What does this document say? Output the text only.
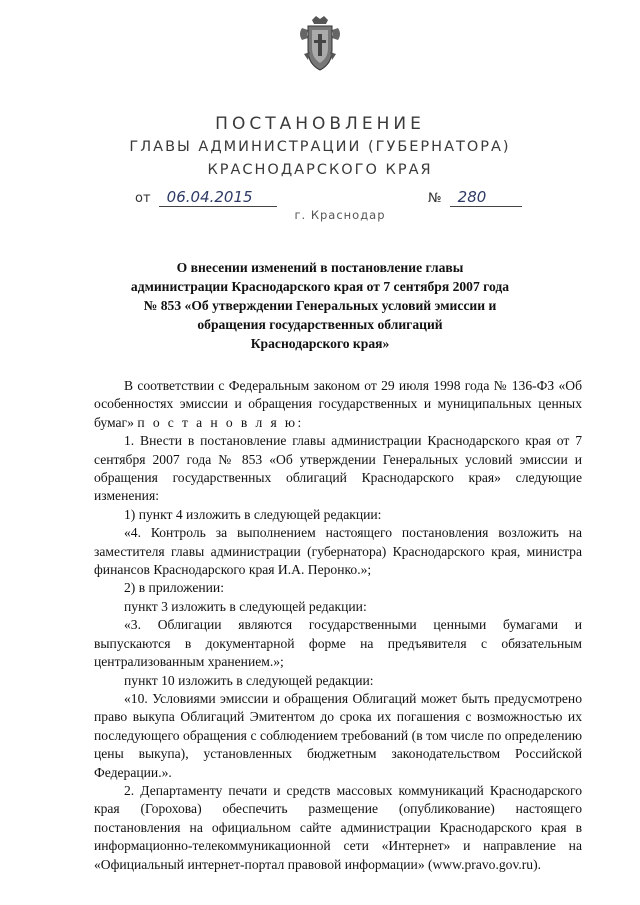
ПОСТАНОВЛЕНИЕ
ГЛАВЫ АДМИНИСТРАЦИИ (ГУБЕРНАТОРА)
КРАСНОДАРСКОГО КРАЯ
от 06.04.2015	№ 280
г. Краснодар
О внесении изменений в постановление главы
администрации Краснодарского края от 7 сентября 2007 года
№ 853 «Об утверждении Генеральных условий эмиссии и
обращения государственных облигаций
Краснодарского края»

В соответствии с Федеральным законом от 29 июля 1998 года № 136-ФЗ «Об особенностях эмиссии и обращения государственных и муниципальных ценных бумаг» п о с т а н о в л я ю:

1. Внести в постановление главы администрации Краснодарского края от 7 сентября 2007 года № 853 «Об утверждении Генеральных условий эмиссии и обращения государственных облигаций Краснодарского края» следующие изменения:

1) пункт 4 изложить в следующей редакции:

«4. Контроль за выполнением настоящего постановления возложить на заместителя главы администрации (губернатора) Краснодарского края, министра финансов Краснодарского края И.А. Перонко.»;

2) в приложении:

пункт 3 изложить в следующей редакции:

«3. Облигации являются государственными ценными бумагами и выпускаются в документарной форме на предъявителя с обязательным централизованным хранением.»;

пункт 10 изложить в следующей редакции:

«10. Условиями эмиссии и обращения Облигаций может быть предусмотрено право выкупа Облигаций Эмитентом до срока их погашения с возможностью их последующего обращения с соблюдением требований (в том числе по определению цены выкупа), установленных бюджетным законодательством Российской Федерации.».

2. Департаменту печати и средств массовых коммуникаций Краснодарского края (Горохова) обеспечить размещение (опубликование) настоящего постановления на официальном сайте администрации Краснодарского края в информационно-телекоммуникационной сети «Интернет» и направление на «Официальный интернет-портал правовой информации» (www.pravo.gov.ru).
